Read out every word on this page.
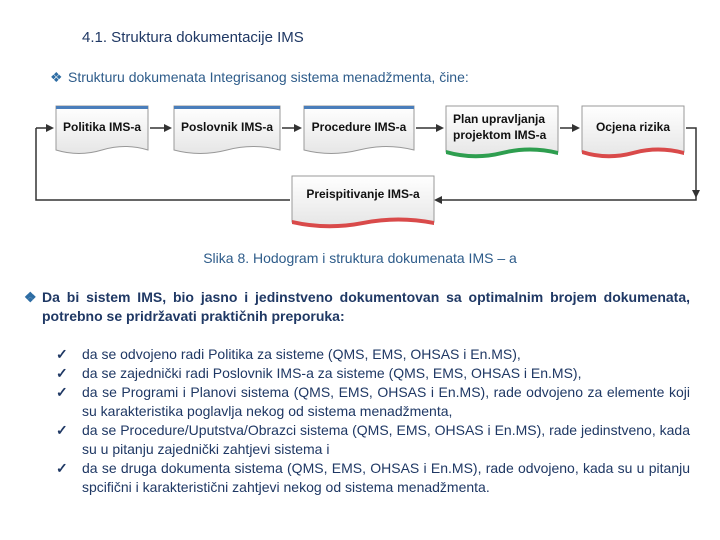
4.1. Struktura dokumentacije IMS
❖ Strukturu dokumenata Integrisanog sistema menadžmenta, čine:
Politika IMS-a	Poslovnik IMS-a	Procedure IMS-a
Plan upravljanja
projektom IMS-a
Ocjena rizika
Preispitivanje IMS-a
Slika 8. Hodogram i struktura dokumenata IMS – a
❖ Da bi sistem IMS, bio jasno i jedinstveno dokumentovan sa optimalnim brojem dokumenata, potrebno se pridržavati praktičnih preporuka:
✓	da se odvojeno radi Politika za sisteme (QMS, EMS, OHSAS i En.MS),
✓	da se zajednički radi Poslovnik IMS-a za sisteme (QMS, EMS, OHSAS i En.MS),
✓	da se Programi i Planovi sistema (QMS, EMS, OHSAS i En.MS), rade odvojeno za elemente koji su karakteristika poglavlja nekog od sistema menadžmenta,
✓	da se Procedure/Uputstva/Obrazci sistema (QMS, EMS, OHSAS i En.MS), rade jedinstveno, kada su u pitanju zajednički zahtjevi sistema i
✓	da se druga dokumenta sistema (QMS, EMS, OHSAS i En.MS), rade odvojeno, kada su u pitanju spcifični i karakteristični zahtjevi nekog od sistema menadžmenta.
